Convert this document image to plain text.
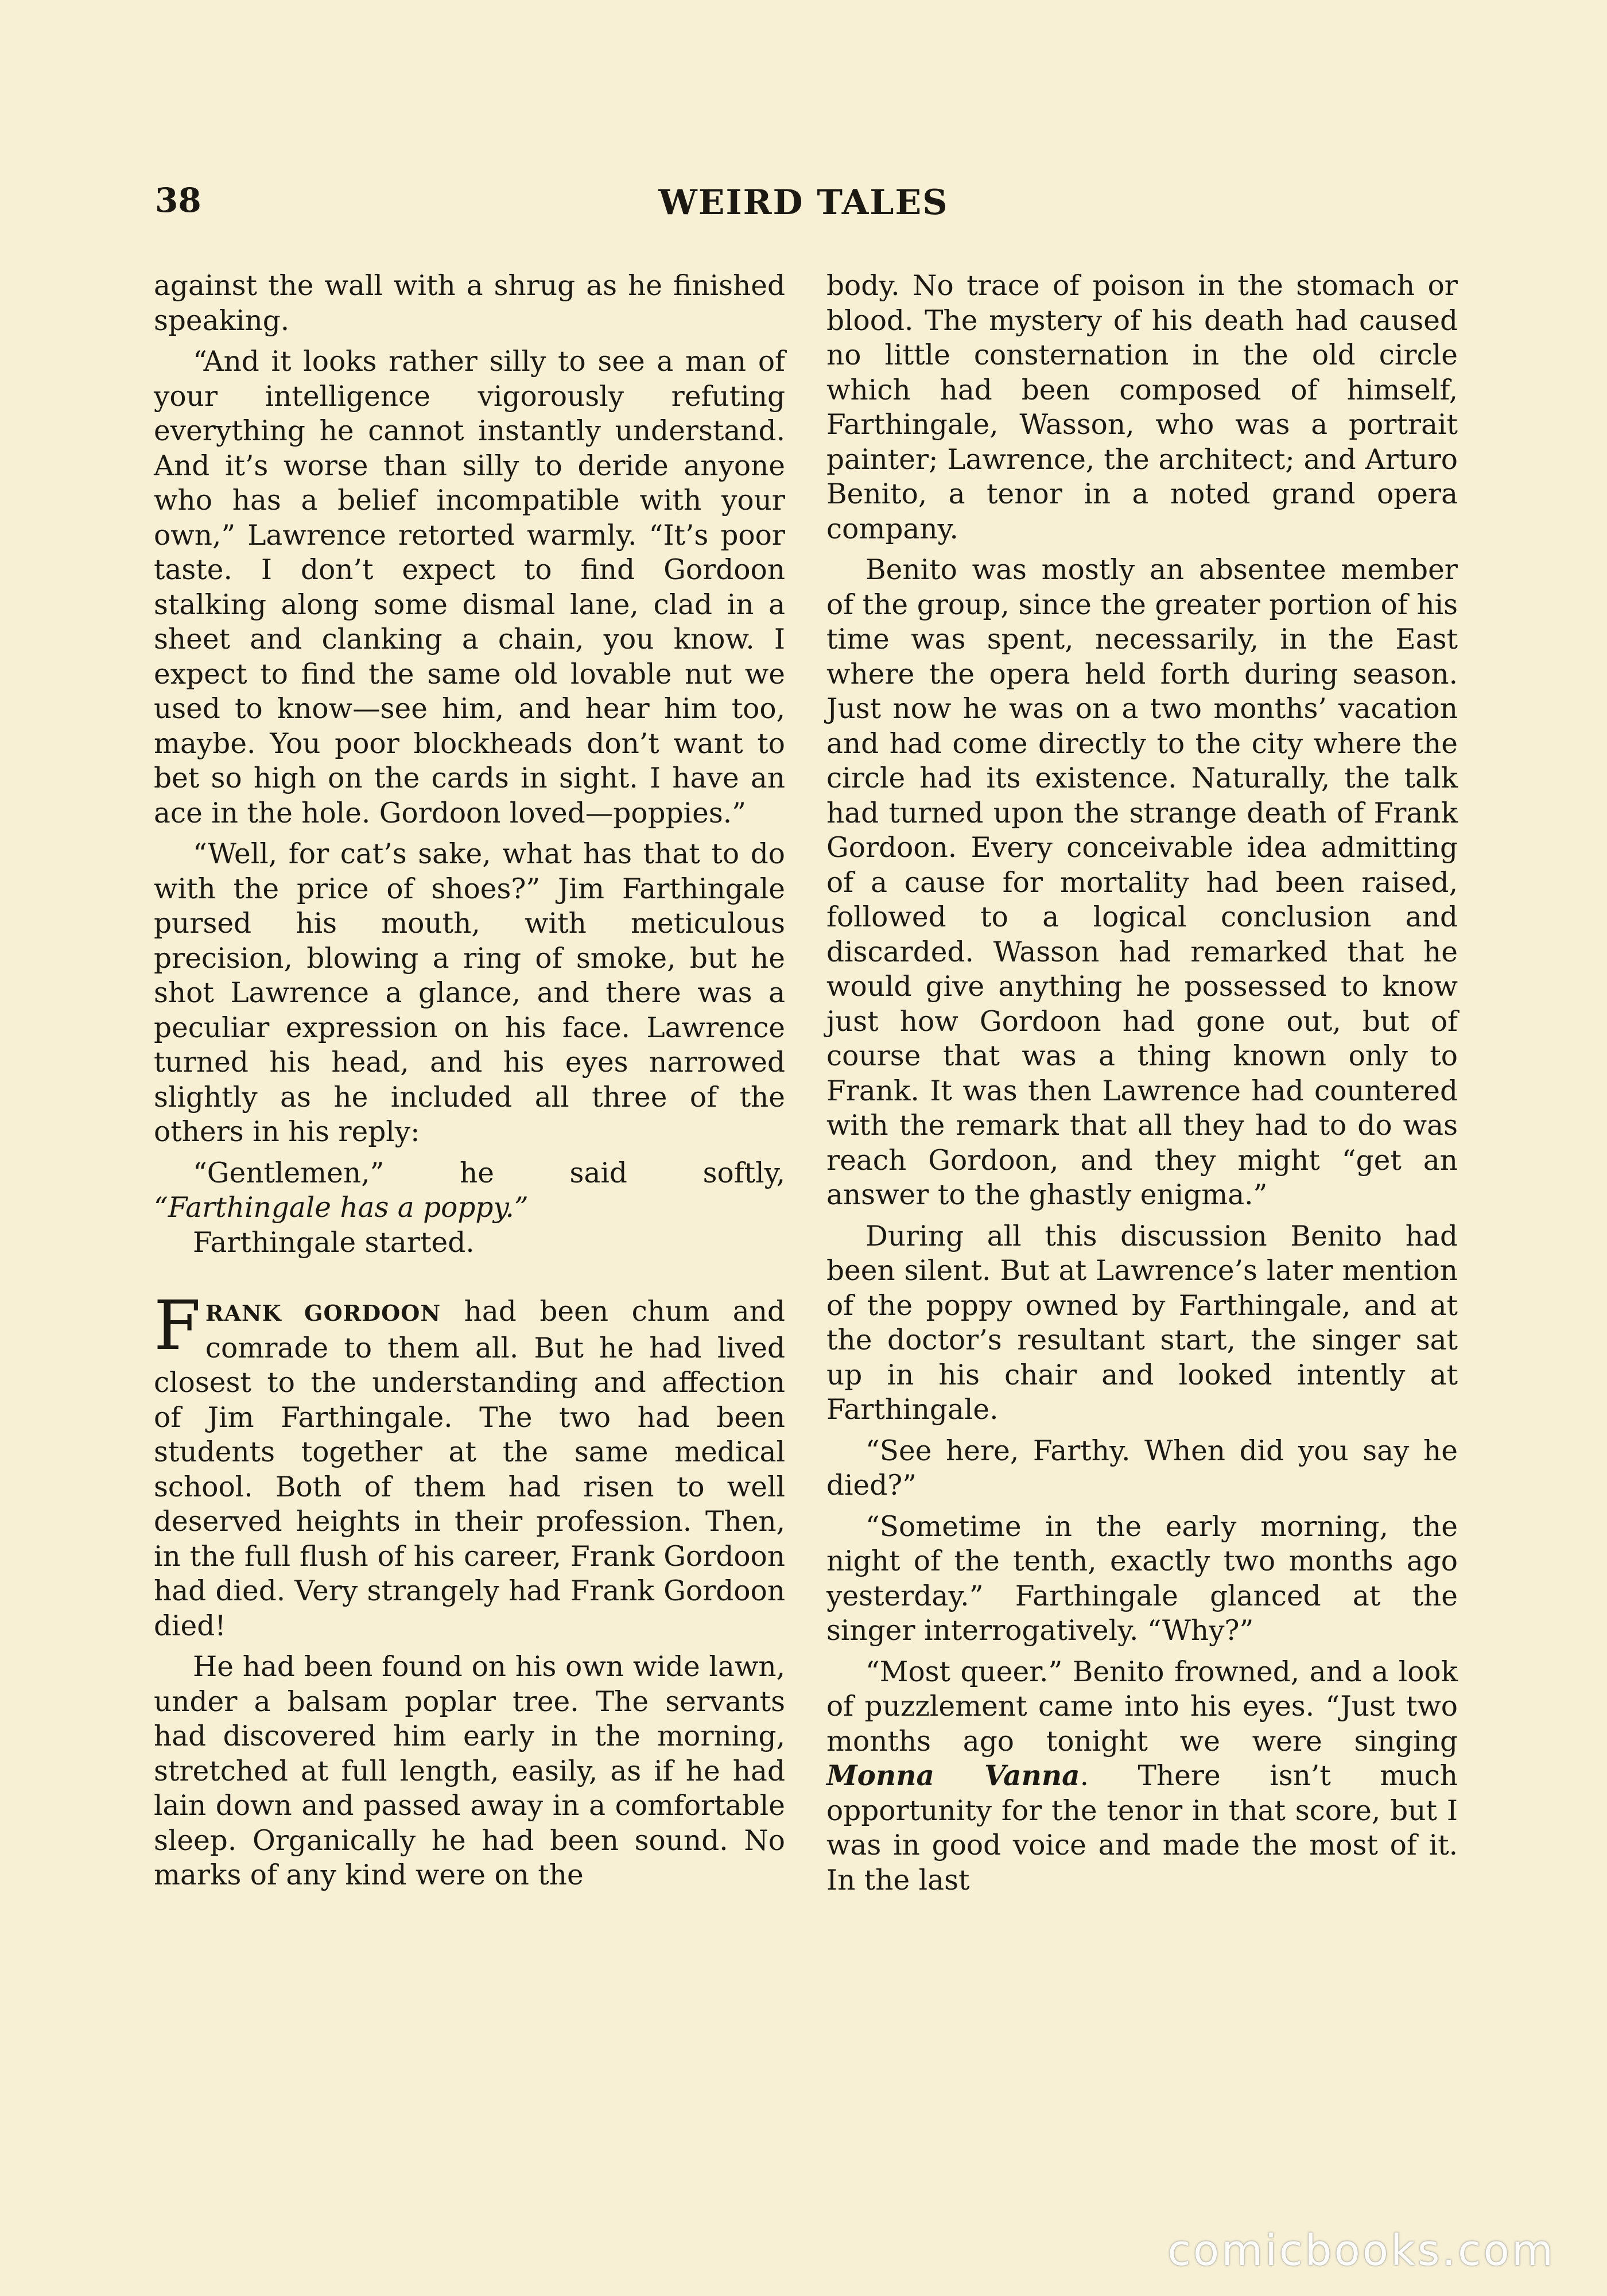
38	WEIRD TALES

against the wall with a shrug as he finished speaking.

“And it looks rather silly to see a man of your intelligence vigorously refuting everything he cannot instantly understand. And it’s worse than silly to deride anyone who has a belief incompatible with your own,” Lawrence retorted warmly. “It’s poor taste. I don’t expect to find Gordoon stalking along some dismal lane, clad in a sheet and clanking a chain, you know. I expect to find the same old lovable nut we used to know—see him, and hear him too, maybe. You poor blockheads don’t want to bet so high on the cards in sight. I have an ace in the hole. Gordoon loved—poppies.”

“Well, for cat’s sake, what has that to do with the price of shoes?” Jim Farthingale pursed his mouth, with meticulous precision, blowing a ring of smoke, but he shot Lawrence a glance, and there was a peculiar expression on his face. Lawrence turned his head, and his eyes narrowed slightly as he included all three of the others in his reply:

“Gentlemen,” he said softly,

“Farthingale has a poppy.”

Farthingale started.

FRANK GORDOON had been chum and comrade to them all. But he had lived closest to the understanding and affection of Jim Farthingale. The two had been students together at the same medical school. Both of them had risen to well deserved heights in their profession. Then, in the full flush of his career, Frank Gordoon had died. Very strangely had Frank Gordoon died!

He had been found on his own wide lawn, under a balsam poplar tree. The servants had discovered him early in the morning, stretched at full length, easily, as if he had lain down and passed away in a comfortable sleep. Organically he had been sound. No marks of any kind were on the

body. No trace of poison in the stomach or blood. The mystery of his death had caused no little consternation in the old circle which had been composed of himself, Farthingale, Wasson, who was a portrait painter; Lawrence, the architect; and Arturo Benito, a tenor in a noted grand opera company.

Benito was mostly an absentee member of the group, since the greater portion of his time was spent, necessarily, in the East where the opera held forth during season. Just now he was on a two months’ vacation and had come directly to the city where the circle had its existence. Naturally, the talk had turned upon the strange death of Frank Gordoon. Every conceivable idea admitting of a cause for mortality had been raised, followed to a logical conclusion and discarded. Wasson had remarked that he would give anything he possessed to know just how Gordoon had gone out, but of course that was a thing known only to Frank. It was then Lawrence had countered with the remark that all they had to do was reach Gordoon, and they might “get an answer to the ghastly enigma.”

During all this discussion Benito had been silent. But at Lawrence’s later mention of the poppy owned by Farthingale, and at the doctor’s resultant start, the singer sat up in his chair and looked intently at Farthingale.

“See here, Farthy. When did you say he died?”

“Sometime in the early morning, the night of the tenth, exactly two months ago yesterday.” Farthingale glanced at the singer interrogatively. “Why?”

“Most queer.” Benito frowned, and a look of puzzlement came into his eyes. “Just two months ago tonight we were singing Monna Vanna. There isn’t much opportunity for the tenor in that score, but I was in good voice and made the most of it. In the last

comicbooks.com
